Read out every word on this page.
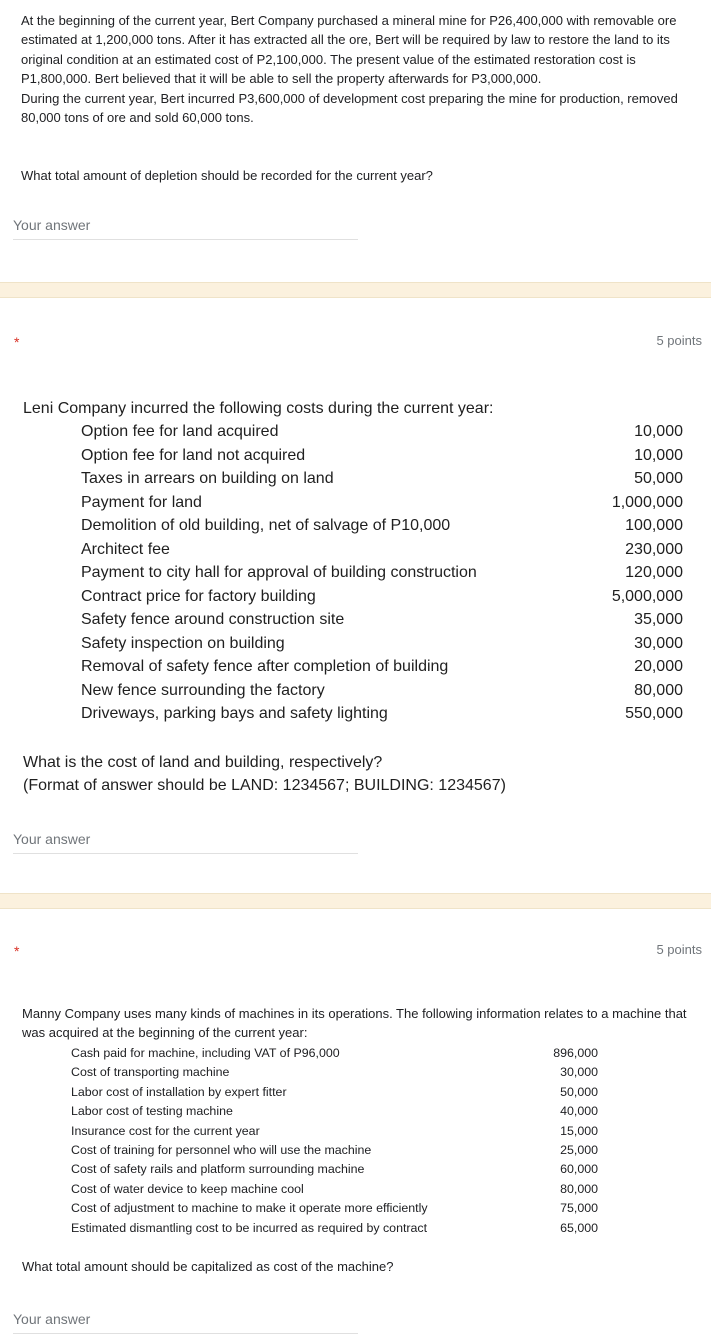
At the beginning of the current year, Bert Company purchased a mineral mine for P26,400,000 with removable ore estimated at 1,200,000 tons. After it has extracted all the ore, Bert will be required by law to restore the land to its original condition at an estimated cost of P2,100,000. The present value of the estimated restoration cost is P1,800,000. Bert believed that it will be able to sell the property afterwards for P3,000,000.

During the current year, Bert incurred P3,600,000 of development cost preparing the mine for production, removed 80,000 tons of ore and sold 60,000 tons.

What total amount of depletion should be recorded for the current year?
Your answer
*	5 points
Leni Company incurred the following costs during the current year:
Option fee for land acquired	10,000
Option fee for land not acquired	10,000
Taxes in arrears on building on land	50,000
Payment for land	1,000,000
Demolition of old building, net of salvage of P10,000	100,000
Architect fee	230,000
Payment to city hall for approval of building construction	120,000
Contract price for factory building	5,000,000
Safety fence around construction site	35,000
Safety inspection on building	30,000
Removal of safety fence after completion of building	20,000
New fence surrounding the factory	80,000
Driveways, parking bays and safety lighting	550,000
What is the cost of land and building, respectively?
(Format of answer should be LAND: 1234567; BUILDING: 1234567)
Your answer
*	5 points
Manny Company uses many kinds of machines in its operations. The following information relates to a machine that was acquired at the beginning of the current year:
Cash paid for machine, including VAT of P96,000	896,000
Cost of transporting machine	30,000
Labor cost of installation by expert fitter	50,000
Labor cost of testing machine	40,000
Insurance cost for the current year	15,000
Cost of training for personnel who will use the machine	25,000
Cost of safety rails and platform surrounding machine	60,000
Cost of water device to keep machine cool	80,000
Cost of adjustment to machine to make it operate more efficiently	75,000
Estimated dismantling cost to be incurred as required by contract	65,000
What total amount should be capitalized as cost of the machine?
Your answer
